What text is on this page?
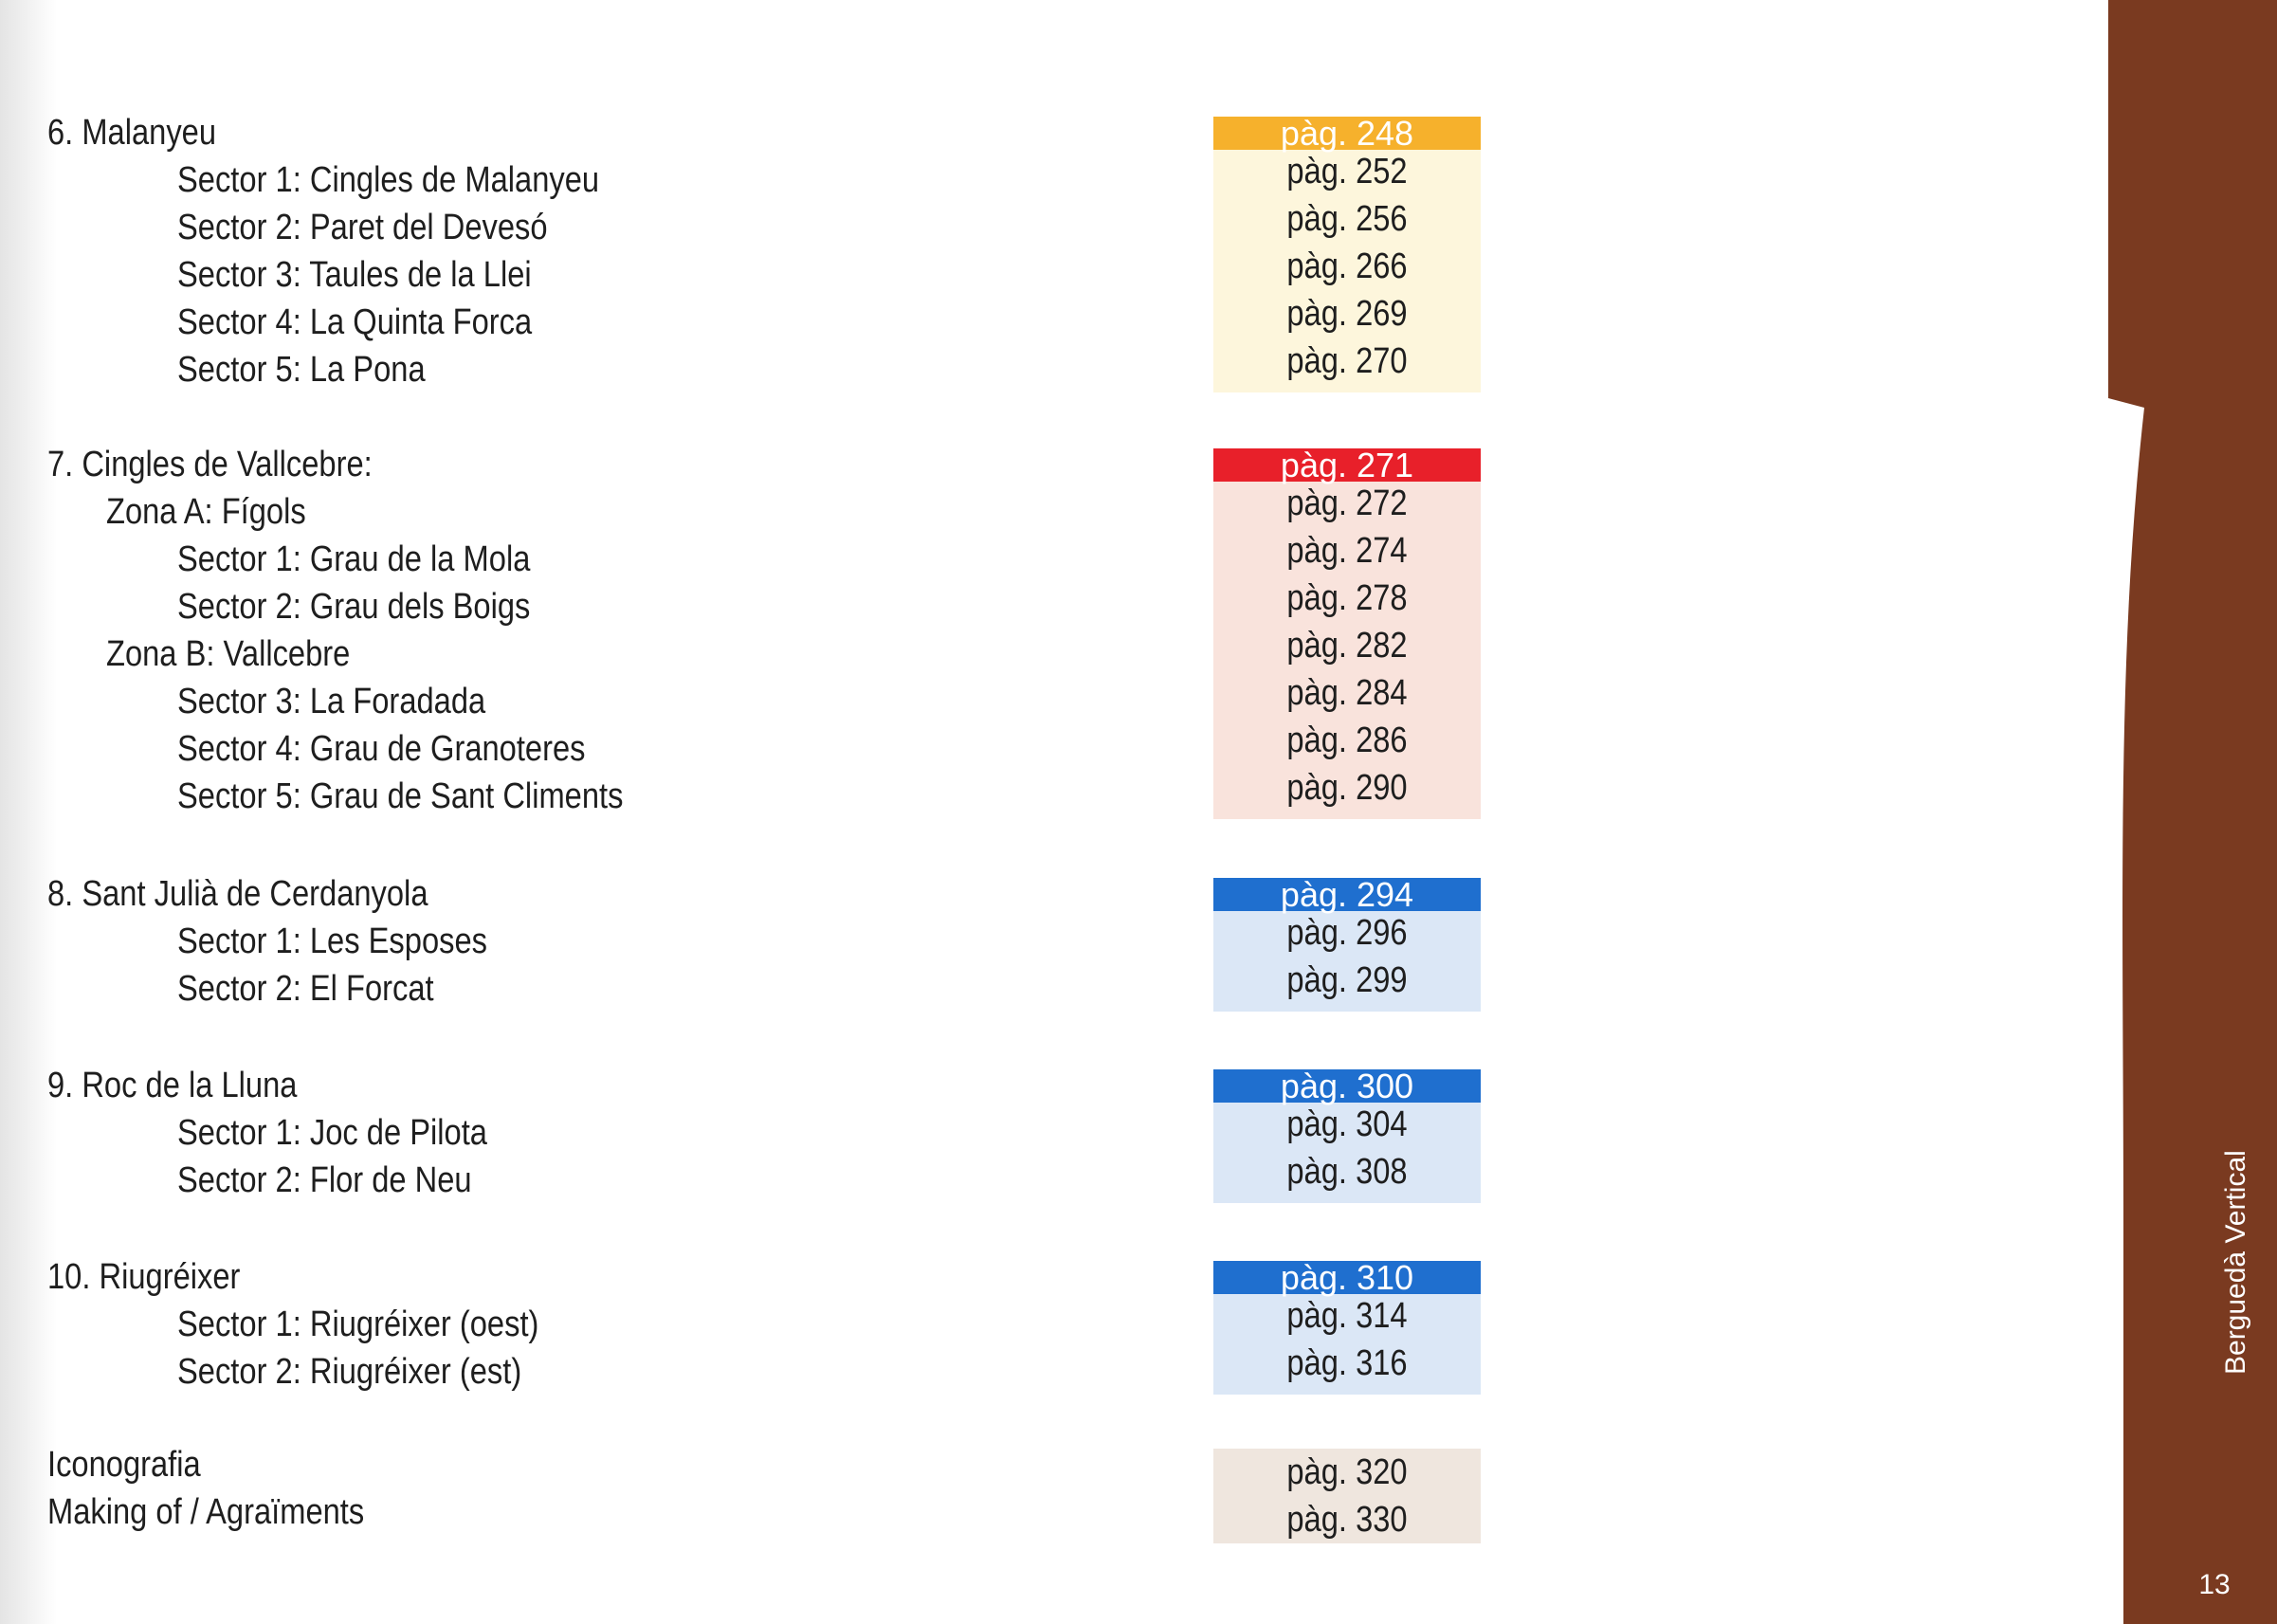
6. Malanyeu
Sector 1: Cingles de Malanyeu
Sector 2: Paret del Devesó
Sector 3: Taules de la Llei
Sector 4: La Quinta Forca
Sector 5: La Pona
pàg. 248
pàg. 252
pàg. 256
pàg. 266
pàg. 269
pàg. 270
7. Cingles de Vallcebre:
Zona A: Fígols
Sector 1: Grau de la Mola
Sector 2: Grau dels Boigs
Zona B: Vallcebre
Sector 3: La Foradada
Sector 4: Grau de Granoteres
Sector 5: Grau de Sant Climents
pàg. 271
pàg. 272
pàg. 274
pàg. 278
pàg. 282
pàg. 284
pàg. 286
pàg. 290
8. Sant Julià de Cerdanyola
Sector 1: Les Esposes
Sector 2: El Forcat
pàg. 294
pàg. 296
pàg. 299
9. Roc de la Lluna
Sector 1: Joc de Pilota
Sector 2: Flor de Neu
pàg. 300
pàg. 304
pàg. 308
10. Riugréixer
Sector 1: Riugréixer (oest)
Sector 2: Riugréixer (est)
pàg. 310
pàg. 314
pàg. 316
Iconografia
Making of / Agraïments
pàg. 320
pàg. 330
Berguedà Vertical
13
